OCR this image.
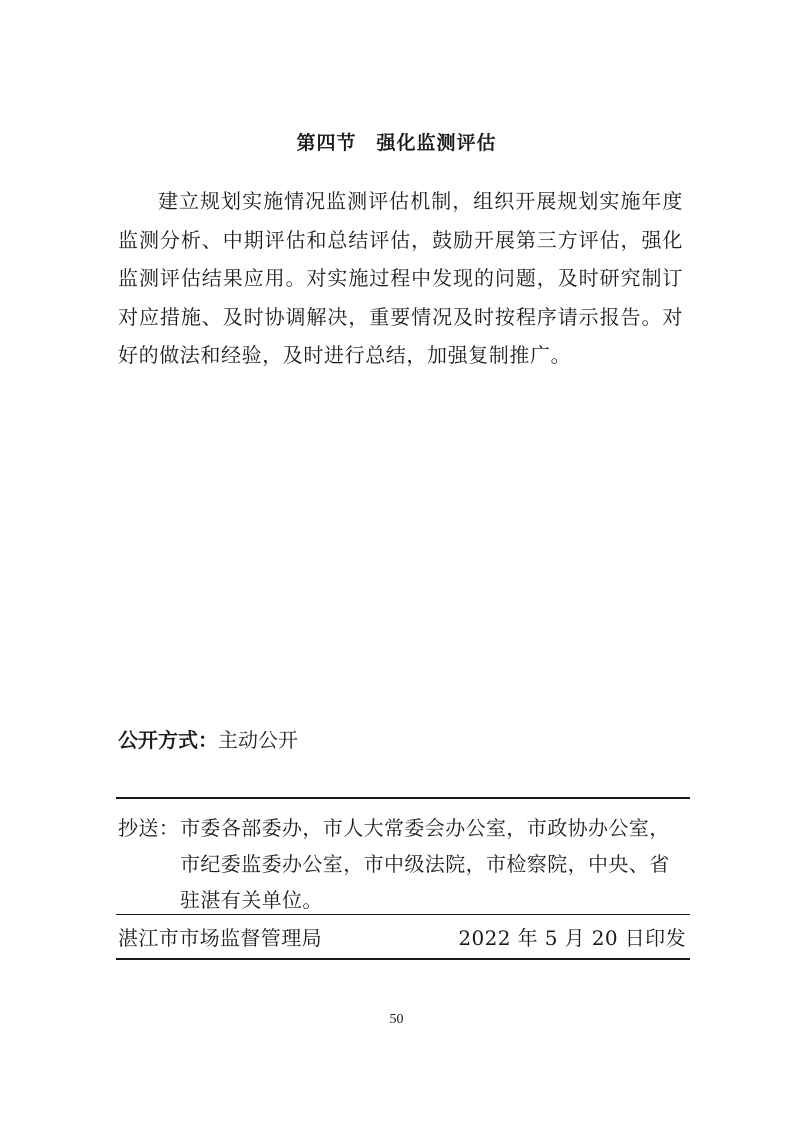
第四节　强化监测评估

建立规划实施情况监测评估机制，组织开展规划实施年度监测分析、中期评估和总结评估，鼓励开展第三方评估，强化监测评估结果应用。对实施过程中发现的问题，及时研究制订对应措施、及时协调解决，重要情况及时按程序请示报告。对好的做法和经验，及时进行总结，加强复制推广。

公开方式：主动公开
抄送： 市委各部委办，市人大常委会办公室，市政协办公室，
市纪委监委办公室，市中级法院，市检察院，中央、省
驻湛有关单位。
湛江市市场监督管理局	2022 年 5 月 20 日印发
50
